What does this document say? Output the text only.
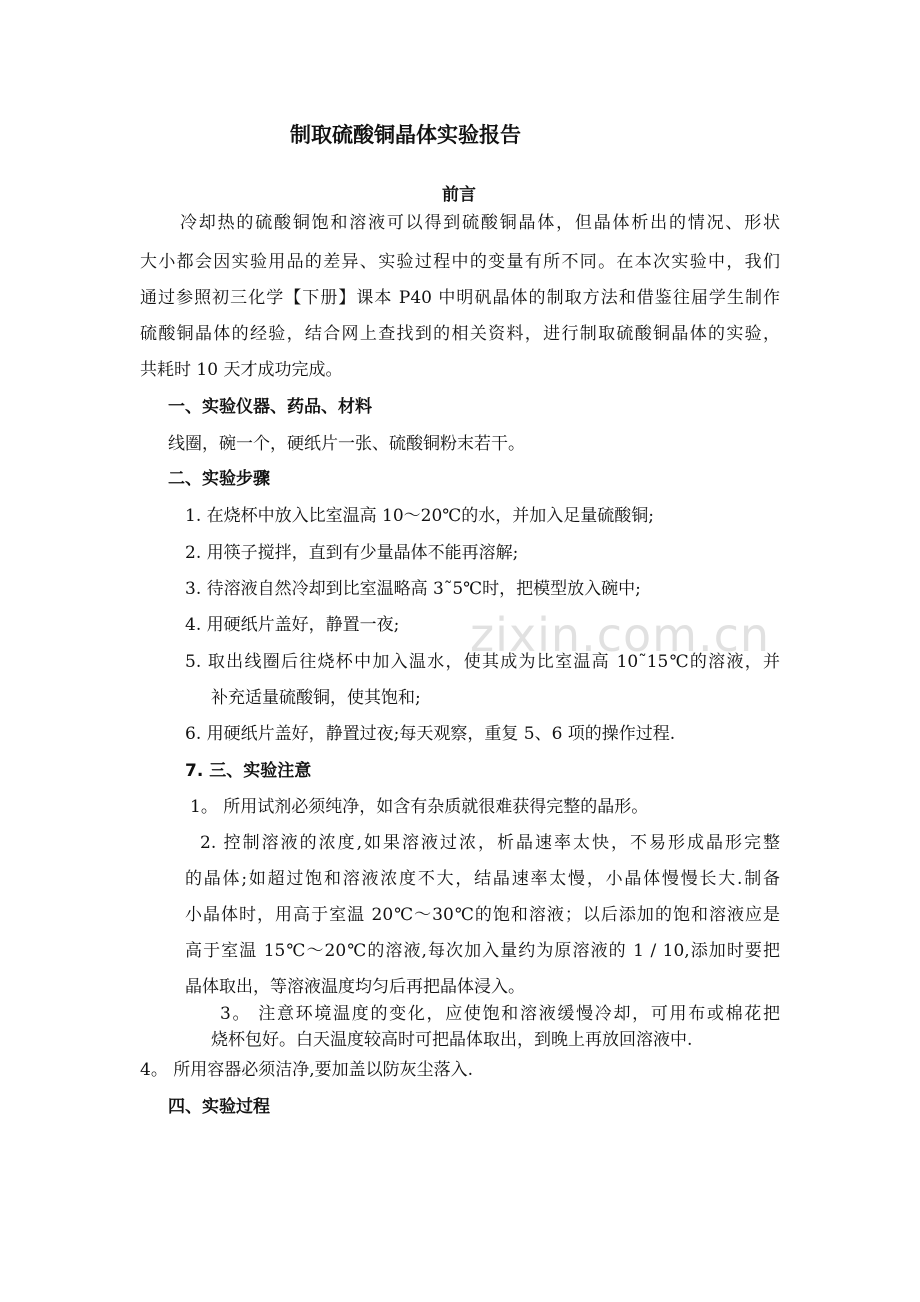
制取硫酸铜晶体实验报告
前言
冷却热的硫酸铜饱和溶液可以得到硫酸铜晶体，但晶体析出的情况、形状
大小都会因实验用品的差异、实验过程中的变量有所不同。在本次实验中，我们
通过参照初三化学【下册】课本 P40 中明矾晶体的制取方法和借鉴往届学生制作
硫酸铜晶体的经验，结合网上查找到的相关资料，进行制取硫酸铜晶体的实验，
共耗时 10 天才成功完成。
一、实验仪器、药品、材料
线圈，碗一个，硬纸片一张、硫酸铜粉末若干。
二、实验步骤
1. 在烧杯中放入比室温高 10～20℃的水，并加入足量硫酸铜;
2. 用筷子搅拌，直到有少量晶体不能再溶解;
3. 待溶液自然冷却到比室温略高 3˜5℃时，把模型放入碗中;
4. 用硬纸片盖好，静置一夜;
5. 取出线圈后往烧杯中加入温水，使其成为比室温高 10˜15℃的溶液，并
补充适量硫酸铜，使其饱和;
6. 用硬纸片盖好，静置过夜;每天观察，重复 5、6 项的操作过程.
7. 三、实验注意
1。 所用试剂必须纯净，如含有杂质就很难获得完整的晶形。
2. 控制溶液的浓度,如果溶液过浓，析晶速率太快，不易形成晶形完整
的晶体;如超过饱和溶液浓度不大，结晶速率太慢，小晶体慢慢长大.制备
小晶体时，用高于室温 20℃～30℃的饱和溶液；以后添加的饱和溶液应是
高于室温 15℃～20℃的溶液,每次加入量约为原溶液的 1 / 10,添加时要把
晶体取出，等溶液温度均匀后再把晶体浸入。
3。 注意环境温度的变化，应使饱和溶液缓慢冷却，可用布或棉花把
烧杯包好。白天温度较高时可把晶体取出，到晚上再放回溶液中.
4。 所用容器必须洁净,要加盖以防灰尘落入.
四、实验过程
zixin.com.cn
